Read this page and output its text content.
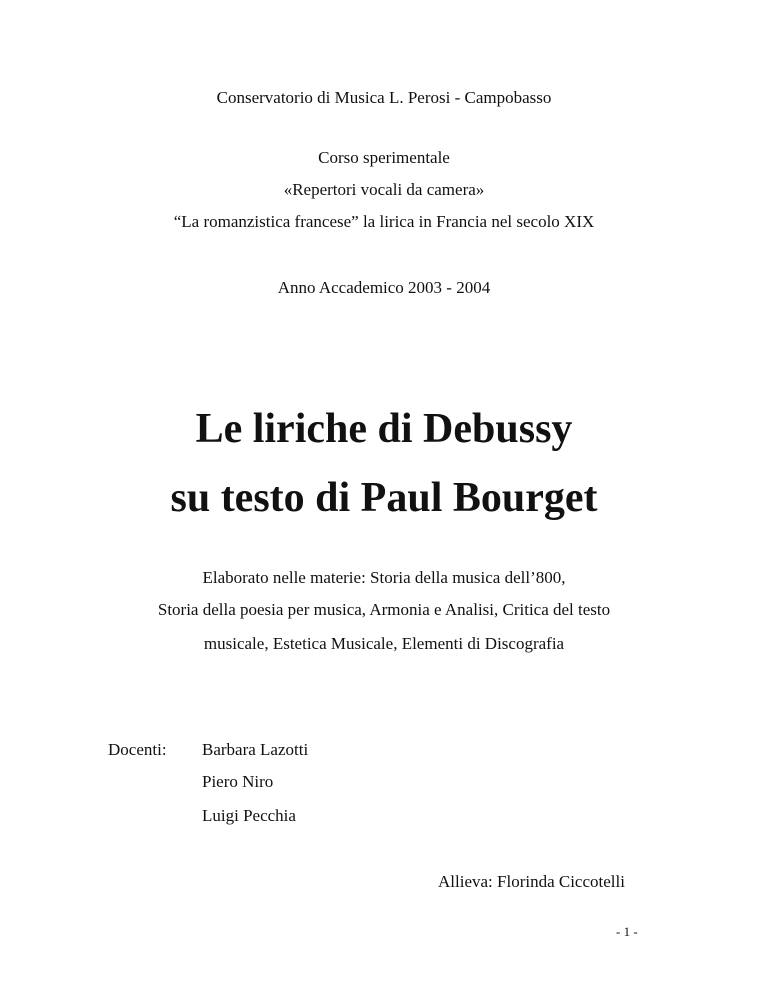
Conservatorio di Musica L. Perosi - Campobasso
Corso sperimentale
«Repertori vocali da camera»
“La romanzistica francese” la lirica in Francia nel secolo XIX
Anno Accademico 2003 - 2004
Le liriche di Debussy
su testo di Paul Bourget
Elaborato nelle materie: Storia della musica dell’800,
Storia della poesia per musica, Armonia e Analisi, Critica del testo
musicale, Estetica Musicale, Elementi di Discografia
Docenti: Barbara Lazotti
Piero Niro
Luigi Pecchia
Allieva: Florinda Ciccotelli
- 1 -
